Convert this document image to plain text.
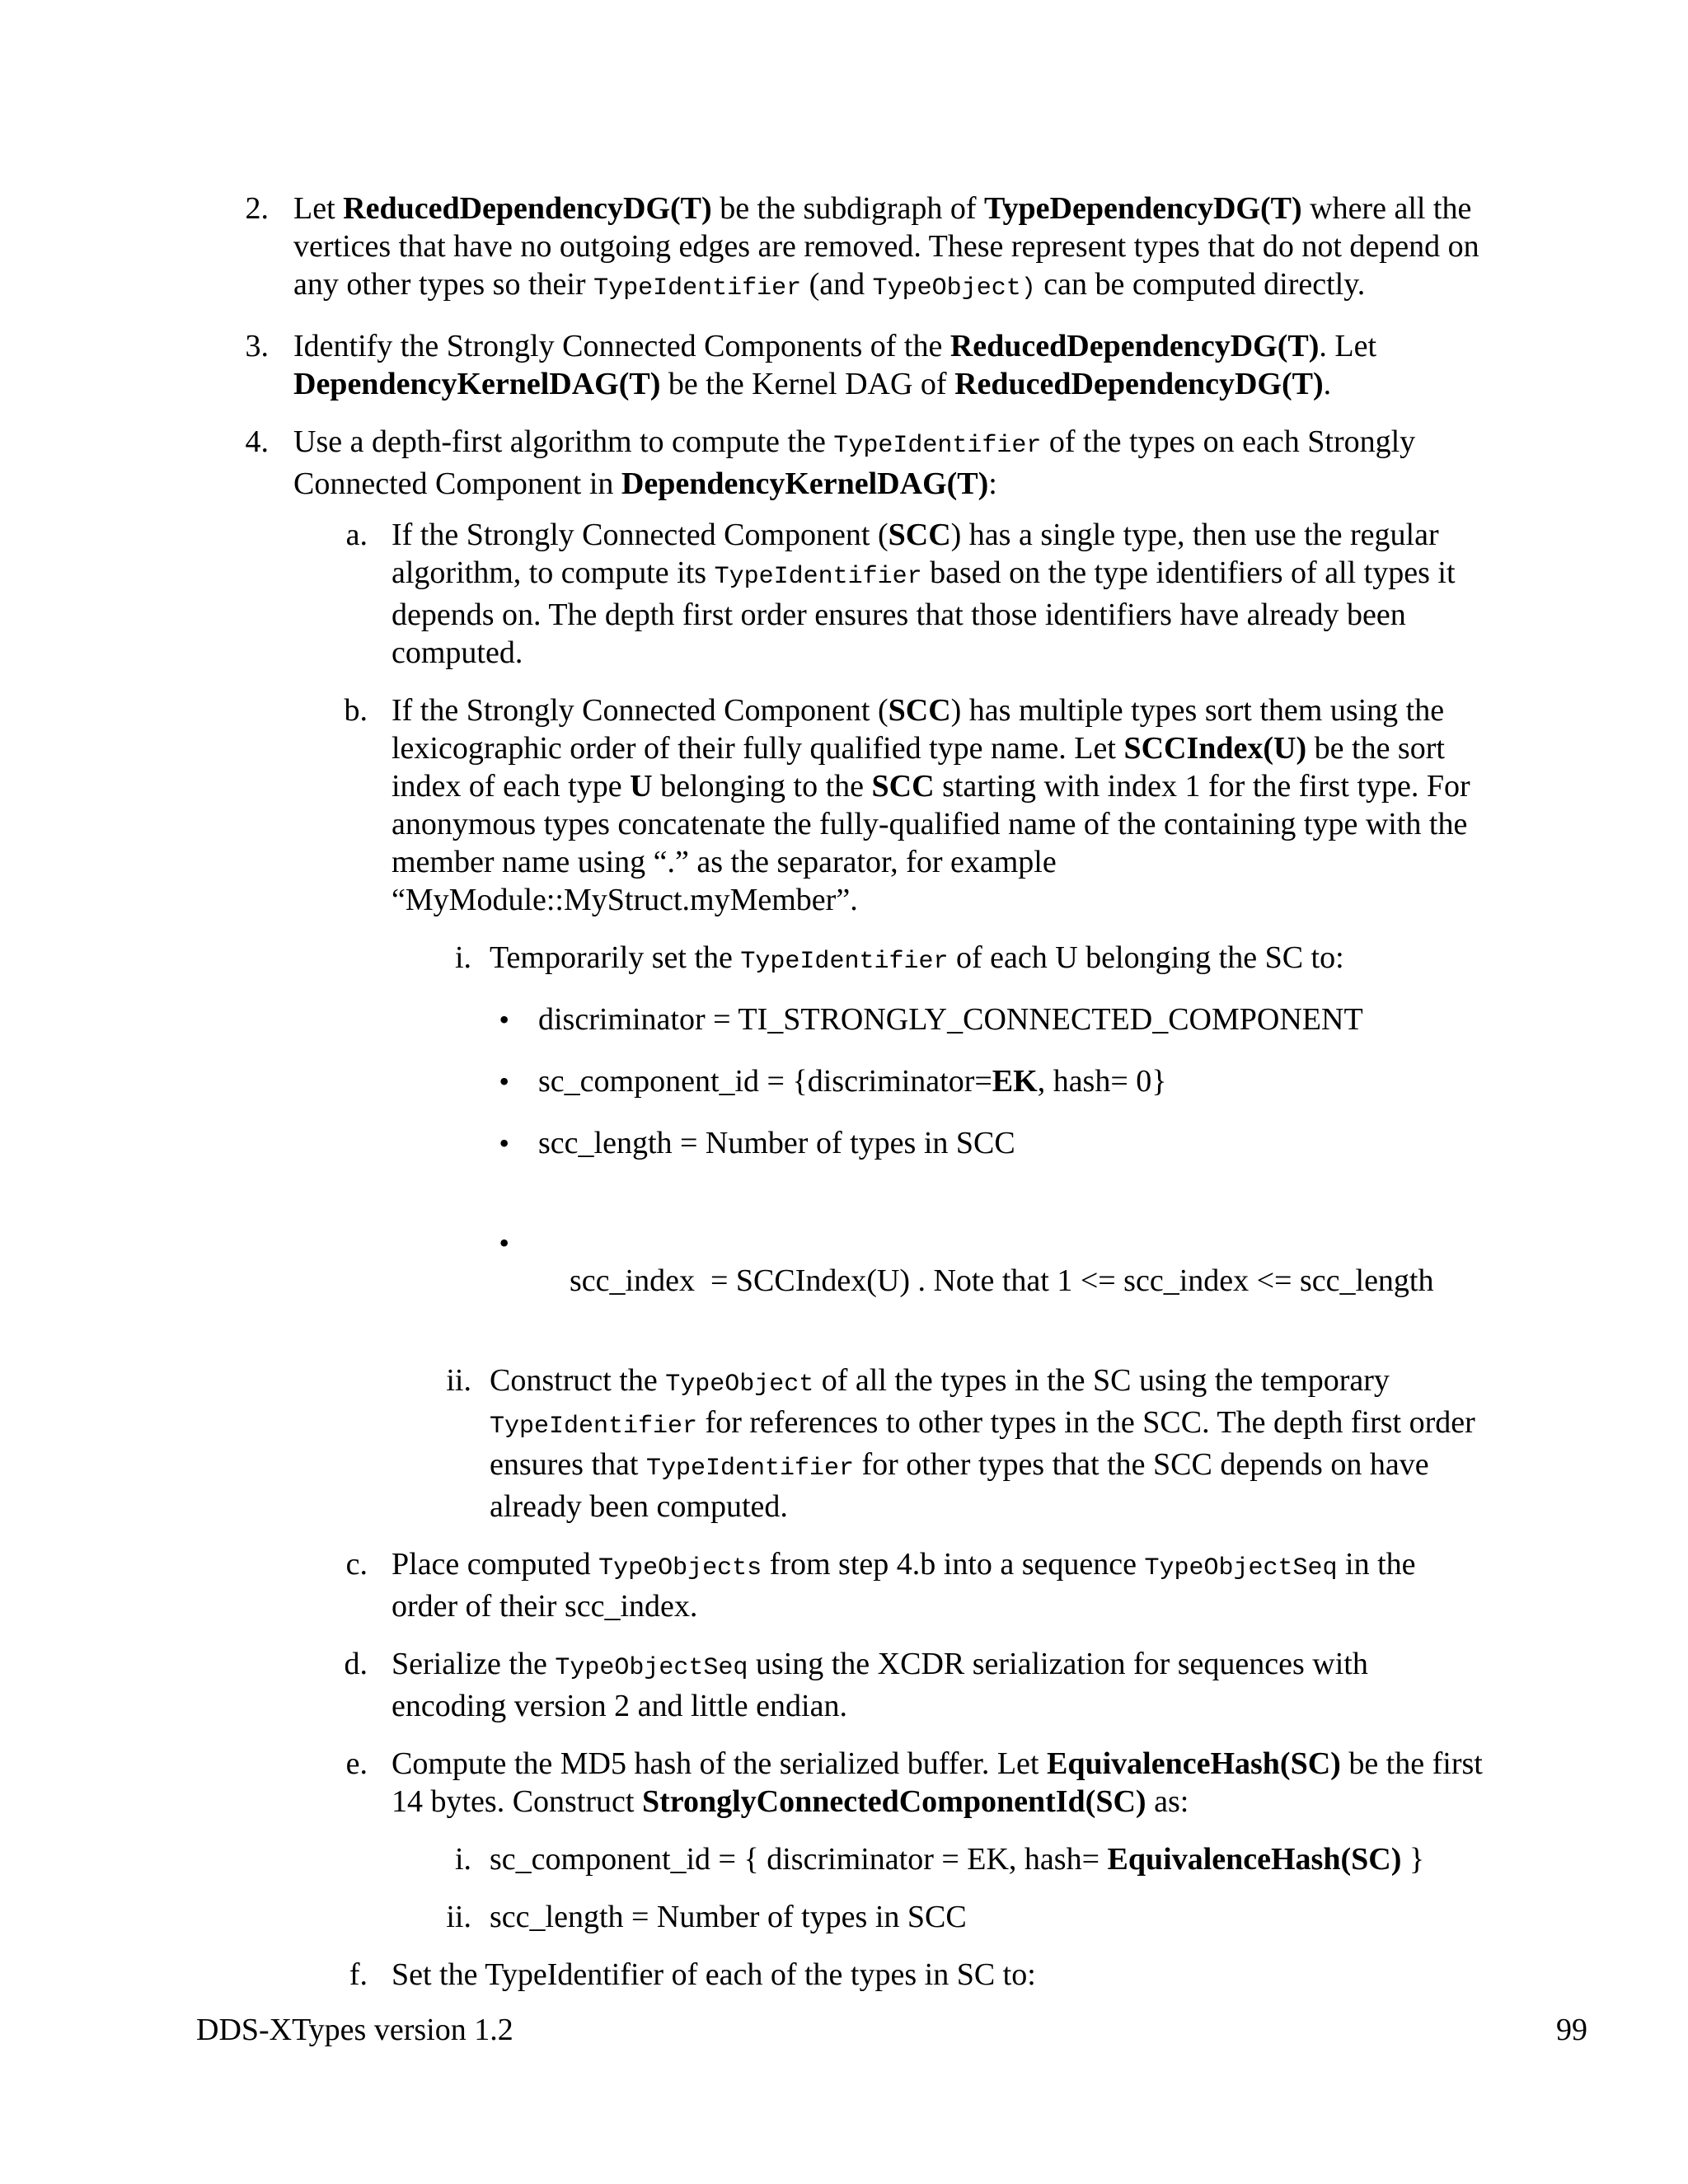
2. Let ReducedDependencyDG(T) be the subdigraph of TypeDependencyDG(T) where all the vertices that have no outgoing edges are removed. These represent types that do not depend on any other types so their TypeIdentifier (and TypeObject) can be computed directly.
3. Identify the Strongly Connected Components of the ReducedDependencyDG(T). Let DependencyKernelDAG(T) be the Kernel DAG of ReducedDependencyDG(T).
4. Use a depth-first algorithm to compute the TypeIdentifier of the types on each Strongly Connected Component in DependencyKernelDAG(T):
a. If the Strongly Connected Component (SCC) has a single type, then use the regular algorithm, to compute its TypeIdentifier based on the type identifiers of all types it depends on. The depth first order ensures that those identifiers have already been computed.
b. If the Strongly Connected Component (SCC) has multiple types sort them using the lexicographic order of their fully qualified type name. Let SCCIndex(U) be the sort index of each type U belonging to the SCC starting with index 1 for the first type. For anonymous types concatenate the fully-qualified name of the containing type with the member name using “.” as the separator, for example “MyModule::MyStruct.myMember”.
i. Temporarily set the TypeIdentifier of each U belonging the SC to:
• discriminator = TI_STRONGLY_CONNECTED_COMPONENT
• sc_component_id = {discriminator=EK, hash= 0}
• scc_length = Number of types in SCC

•

scc_index  = SCCIndex(U) . Note that 1 <= scc_index <= scc_length

ii. Construct the TypeObject of all the types in the SC using the temporary TypeIdentifier for references to other types in the SCC. The depth first order ensures that TypeIdentifier for other types that the SCC depends on have already been computed.
c. Place computed TypeObjects from step 4.b into a sequence TypeObjectSeq in the order of their scc_index.
d. Serialize the TypeObjectSeq using the XCDR serialization for sequences with encoding version 2 and little endian.
e. Compute the MD5 hash of the serialized buffer. Let EquivalenceHash(SC) be the first 14 bytes. Construct StronglyConnectedComponentId(SC) as:
i. sc_component_id = { discriminator = EK, hash= EquivalenceHash(SC) }
ii. scc_length = Number of types in SCC
f. Set the TypeIdentifier of each of the types in SC to:
DDS-XTypes version 1.2	99
